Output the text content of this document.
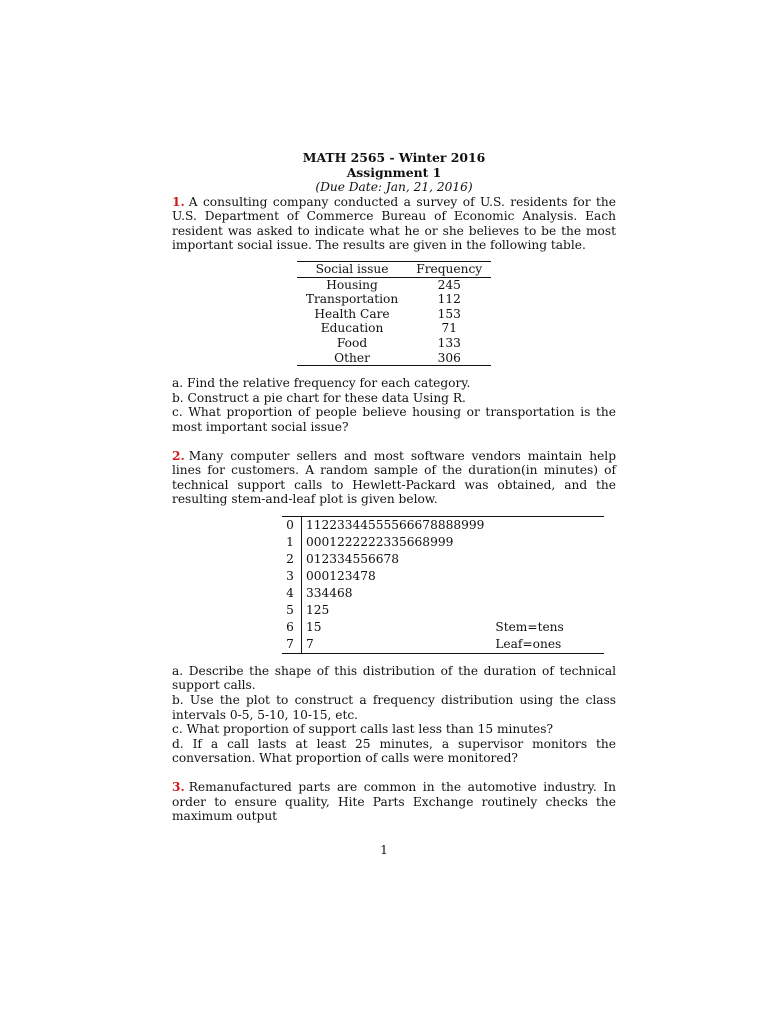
MATH 2565 - Winter 2016
Assignment 1
(Due Date: Jan, 21, 2016)
1. A consulting company conducted a survey of U.S. residents for the U.S. Department of Commerce Bureau of Economic Analysis. Each resident was asked to indicate what he or she believes to be the most important social issue. The results are given in the following table.
Social issue	Frequency
Housing	245
Transportation	112
Health Care	153
Education	71
Food	133
Other	306
a. Find the relative frequency for each category.
b. Construct a pie chart for these data Using R.
c. What proportion of people believe housing or transportation is the most important social issue?
2. Many computer sellers and most software vendors maintain help lines for customers. A random sample of the duration(in minutes) of technical support calls to Hewlett-Packard was obtained, and the resulting stem-and-leaf plot is given below.
0	11223344555566678888999	
1	0001222222335668999	
2	012334556678	
3	000123478	
4	334468	
5	125	
6	15	Stem=tens
7	7	Leaf=ones
a. Describe the shape of this distribution of the duration of technical support calls.
b. Use the plot to construct a frequency distribution using the class intervals 0-5, 5-10, 10-15, etc.
c. What proportion of support calls last less than 15 minutes?
d. If a call lasts at least 25 minutes, a supervisor monitors the conversation. What proportion of calls were monitored?
3. Remanufactured parts are common in the automotive industry. In order to ensure quality, Hite Parts Exchange routinely checks the maximum output
1
